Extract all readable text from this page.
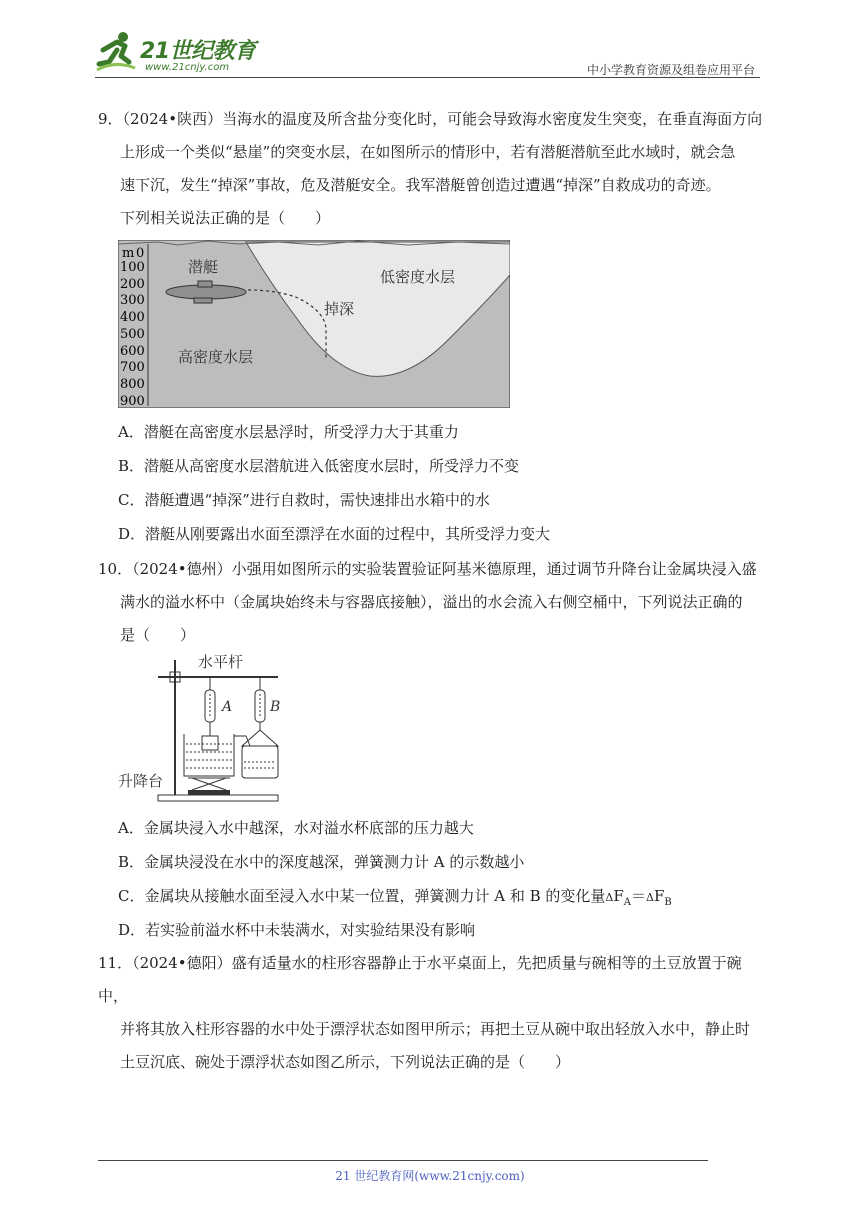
21世纪教育
www.21cnjy.com	中小学教育资源及组卷应用平台

9．（2024•陕西）当海水的温度及所含盐分变化时，可能会导致海水密度发生突变，在垂直海面方向

上形成一个类似“悬崖”的突变水层，在如图所示的情形中，若有潜艇潜航至此水域时，就会急

速下沉，发生“掉深”事故，危及潜艇安全。我军潜艇曾创造过遭遇“掉深”自救成功的奇迹。

下列相关说法正确的是（　　）

m 0
100
200
300
400
500
600
700
800
900
潜艇
低密度水层
掉深
高密度水层
A．潜艇在高密度水层悬浮时，所受浮力大于其重力
B．潜艇从高密度水层潜航进入低密度水层时，所受浮力不变
C．潜艇遭遇“掉深”进行自救时，需快速排出水箱中的水
D．潜艇从刚要露出水面至漂浮在水面的过程中，其所受浮力变大

10．（2024•德州）小强用如图所示的实验装置验证阿基米德原理，通过调节升降台让金属块浸入盛

满水的溢水杯中（金属块始终未与容器底接触），溢出的水会流入右侧空桶中，下列说法正确的

是（　　）

水平杆
A	B
升降台
A．金属块浸入水中越深，水对溢水杯底部的压力越大
B．金属块浸没在水中的深度越深，弹簧测力计 A 的示数越小
C．金属块从接触水面至浸入水中某一位置，弹簧测力计 A 和 B 的变化量$\Delta F_A=\Delta F_B$
D．若实验前溢水杯中未装满水，对实验结果没有影响

11．（2024•德阳）盛有适量水的柱形容器静止于水平桌面上，先把质量与碗相等的土豆放置于碗中，

并将其放入柱形容器的水中处于漂浮状态如图甲所示；再把土豆从碗中取出轻放入水中，静止时

土豆沉底、碗处于漂浮状态如图乙所示，下列说法正确的是（　　）

21 世纪教育网(www.21cnjy.com)
